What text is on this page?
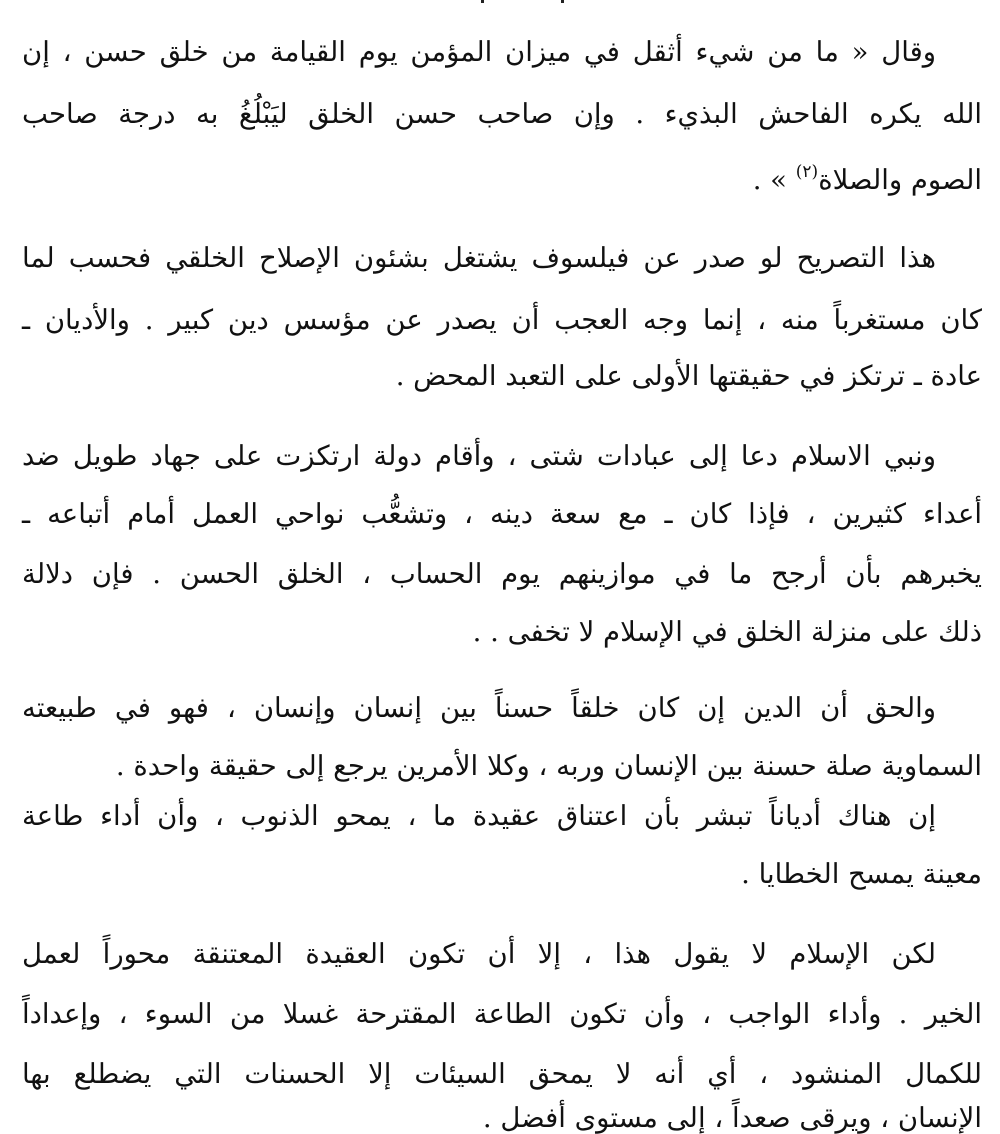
وقال « ما من شيء أثقل في ميزان المؤمن يوم القيامة من خلق حسن ، إن
الله يكره الفاحش البذيء . وإن صاحب حسن الخلق ليَبْلُغُ به درجة صاحب
الصوم والصلاة$^{(٢)}$ » .
هذا التصريح لو صدر عن فيلسوف يشتغل بشئون الإصلاح الخلقي فحسب لما
كان مستغرباً منه ، إنما وجه العجب أن يصدر عن مؤسس دين كبير . والأديان ـ
عادة ـ ترتكز في حقيقتها الأولى على التعبد المحض .
ونبي الاسلام دعا إلى عبادات شتى ، وأقام دولة ارتكزت على جهاد طويل ضد
أعداء كثيرين ، فإذا كان ـ مع سعة دينه ، وتشعُّب نواحي العمل أمام أتباعه ـ
يخبرهم بأن أرجح ما في موازينهم يوم الحساب ، الخلق الحسن . فإن دلالة
ذلك على منزلة الخلق في الإسلام لا تخفى . .
والحق أن الدين إن كان خلقاً حسناً بين إنسان وإنسان ، فهو في طبيعته
السماوية صلة حسنة بين الإنسان وربه ، وكلا الأمرين يرجع إلى حقيقة واحدة .
إن هناك أدياناً تبشر بأن اعتناق عقيدة ما ، يمحو الذنوب ، وأن أداء طاعة
معينة يمسح الخطايا .
لكن الإسلام لا يقول هذا ، إلا أن تكون العقيدة المعتنقة محوراً لعمل
الخير . وأداء الواجب ، وأن تكون الطاعة المقترحة غسلا من السوء ، وإعداداً
للكمال المنشود ، أي أنه لا يمحق السيئات إلا الحسنات التي يضطلع بها
الإنسان ، ويرقى صعداً ، إلى مستوى أفضل .
